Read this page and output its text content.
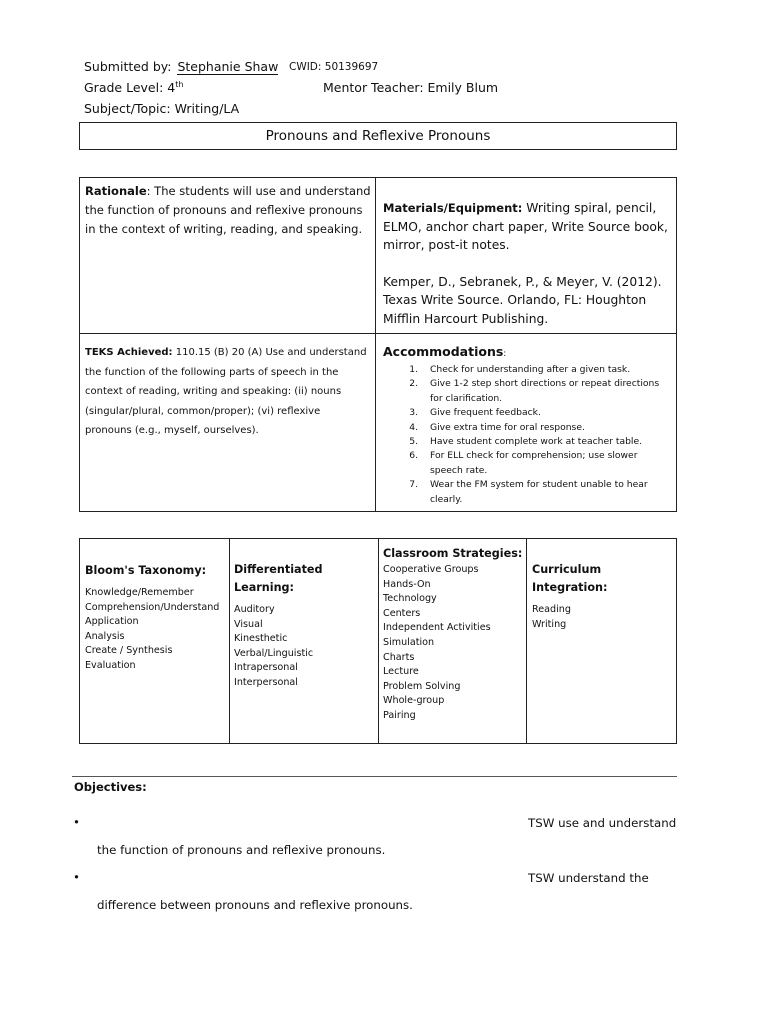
Submitted by: Stephanie Shaw CWID: 50139697
Grade Level: 4th	Mentor Teacher: Emily Blum
Subject/Topic: Writing/LA
Pronouns and Reflexive Pronouns
Rationale: The students will use and understand the function of pronouns and reflexive pronouns in the context of writing, reading, and speaking.
Materials/Equipment: Writing spiral, pencil, ELMO, anchor chart paper, Write Source book, mirror, post-it notes.
Kemper, D., Sebranek, P., & Meyer, V. (2012). Texas Write Source. Orlando, FL: Houghton Mifflin Harcourt Publishing.
TEKS Achieved: 110.15 (B) 20 (A) Use and understand the function of the following parts of speech in the context of reading, writing and speaking: (ii) nouns (singular/plural, common/proper); (vi) reflexive pronouns (e.g., myself, ourselves).
Accommodations:
1. Check for understanding after a given task.
2. Give 1-2 step short directions or repeat directions for clarification.
3. Give frequent feedback.
4. Give extra time for oral response.
5. Have student complete work at teacher table.
6. For ELL check for comprehension; use slower speech rate.
7. Wear the FM system for student unable to hear clearly.
Bloom's Taxonomy:
Knowledge/Remember
Comprehension/Understand
Application
Analysis
Create / Synthesis
Evaluation
Differentiated Learning:
Auditory
Visual
Kinesthetic
Verbal/Linguistic
Intrapersonal
Interpersonal
Classroom Strategies:
Cooperative Groups
Hands-On
Technology
Centers
Independent Activities
Simulation
Charts
Lecture
Problem Solving
Whole-group
Pairing
Curriculum Integration:
Reading
Writing
Objectives:
•	TSW use and understand
the function of pronouns and reflexive pronouns.
•	TSW understand the
difference between pronouns and reflexive pronouns.
